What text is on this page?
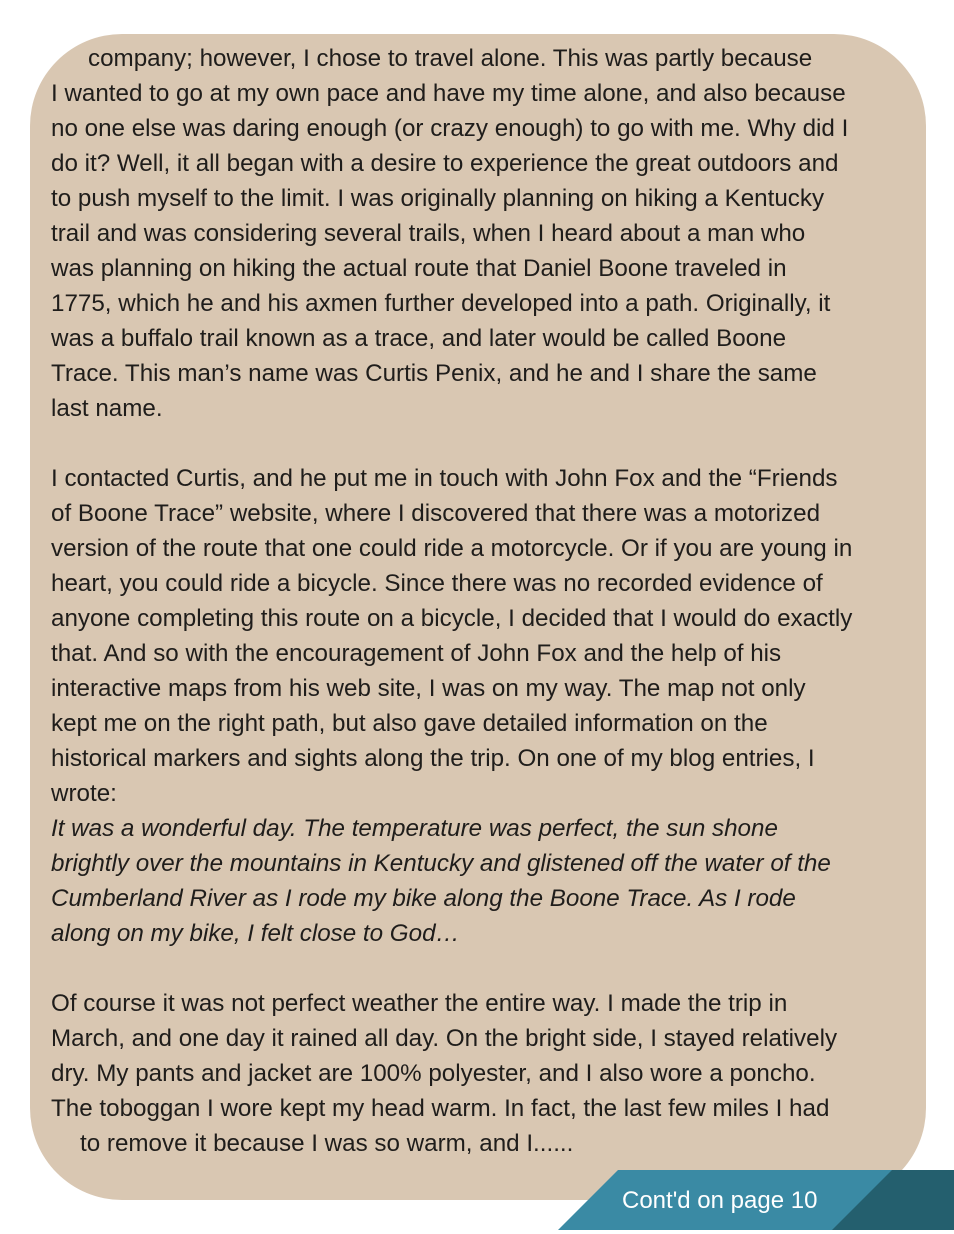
company; however, I chose to travel alone. This was partly because

I wanted to go at my own pace and have my time alone, and also because

no one else was daring enough (or crazy enough) to go with me. Why did I

do it? Well, it all began with a desire to experience the great outdoors and

to push myself to the limit. I was originally planning on hiking a Kentucky

trail and was considering several trails, when I heard about a man who

was planning on hiking the actual route that Daniel Boone traveled in

1775, which he and his axmen further developed into a path. Originally, it

was a buffalo trail known as a trace, and later would be called Boone

Trace. This man’s name was Curtis Penix, and he and I share the same

last name.

I contacted Curtis, and he put me in touch with John Fox and the “Friends

of Boone Trace” website, where I discovered that there was a motorized

version of the route that one could ride a motorcycle. Or if you are young in

heart, you could ride a bicycle. Since there was no recorded evidence of

anyone completing this route on a bicycle, I decided that I would do exactly

that. And so with the encouragement of John Fox and the help of his

interactive maps from his web site, I was on my way. The map not only

kept me on the right path, but also gave detailed information on the

historical markers and sights along the trip. On one of my blog entries, I

wrote:

It was a wonderful day. The temperature was perfect, the sun shone

brightly over the mountains in Kentucky and glistened off the water of the

Cumberland River as I rode my bike along the Boone Trace. As I rode

along on my bike, I felt close to God…

Of course it was not perfect weather the entire way. I made the trip in

March, and one day it rained all day. On the bright side, I stayed relatively

dry. My pants and jacket are 100% polyester, and I also wore a poncho.

The toboggan I wore kept my head warm. In fact, the last few miles I had

to remove it because I was so warm, and I......

Cont'd on page 10
